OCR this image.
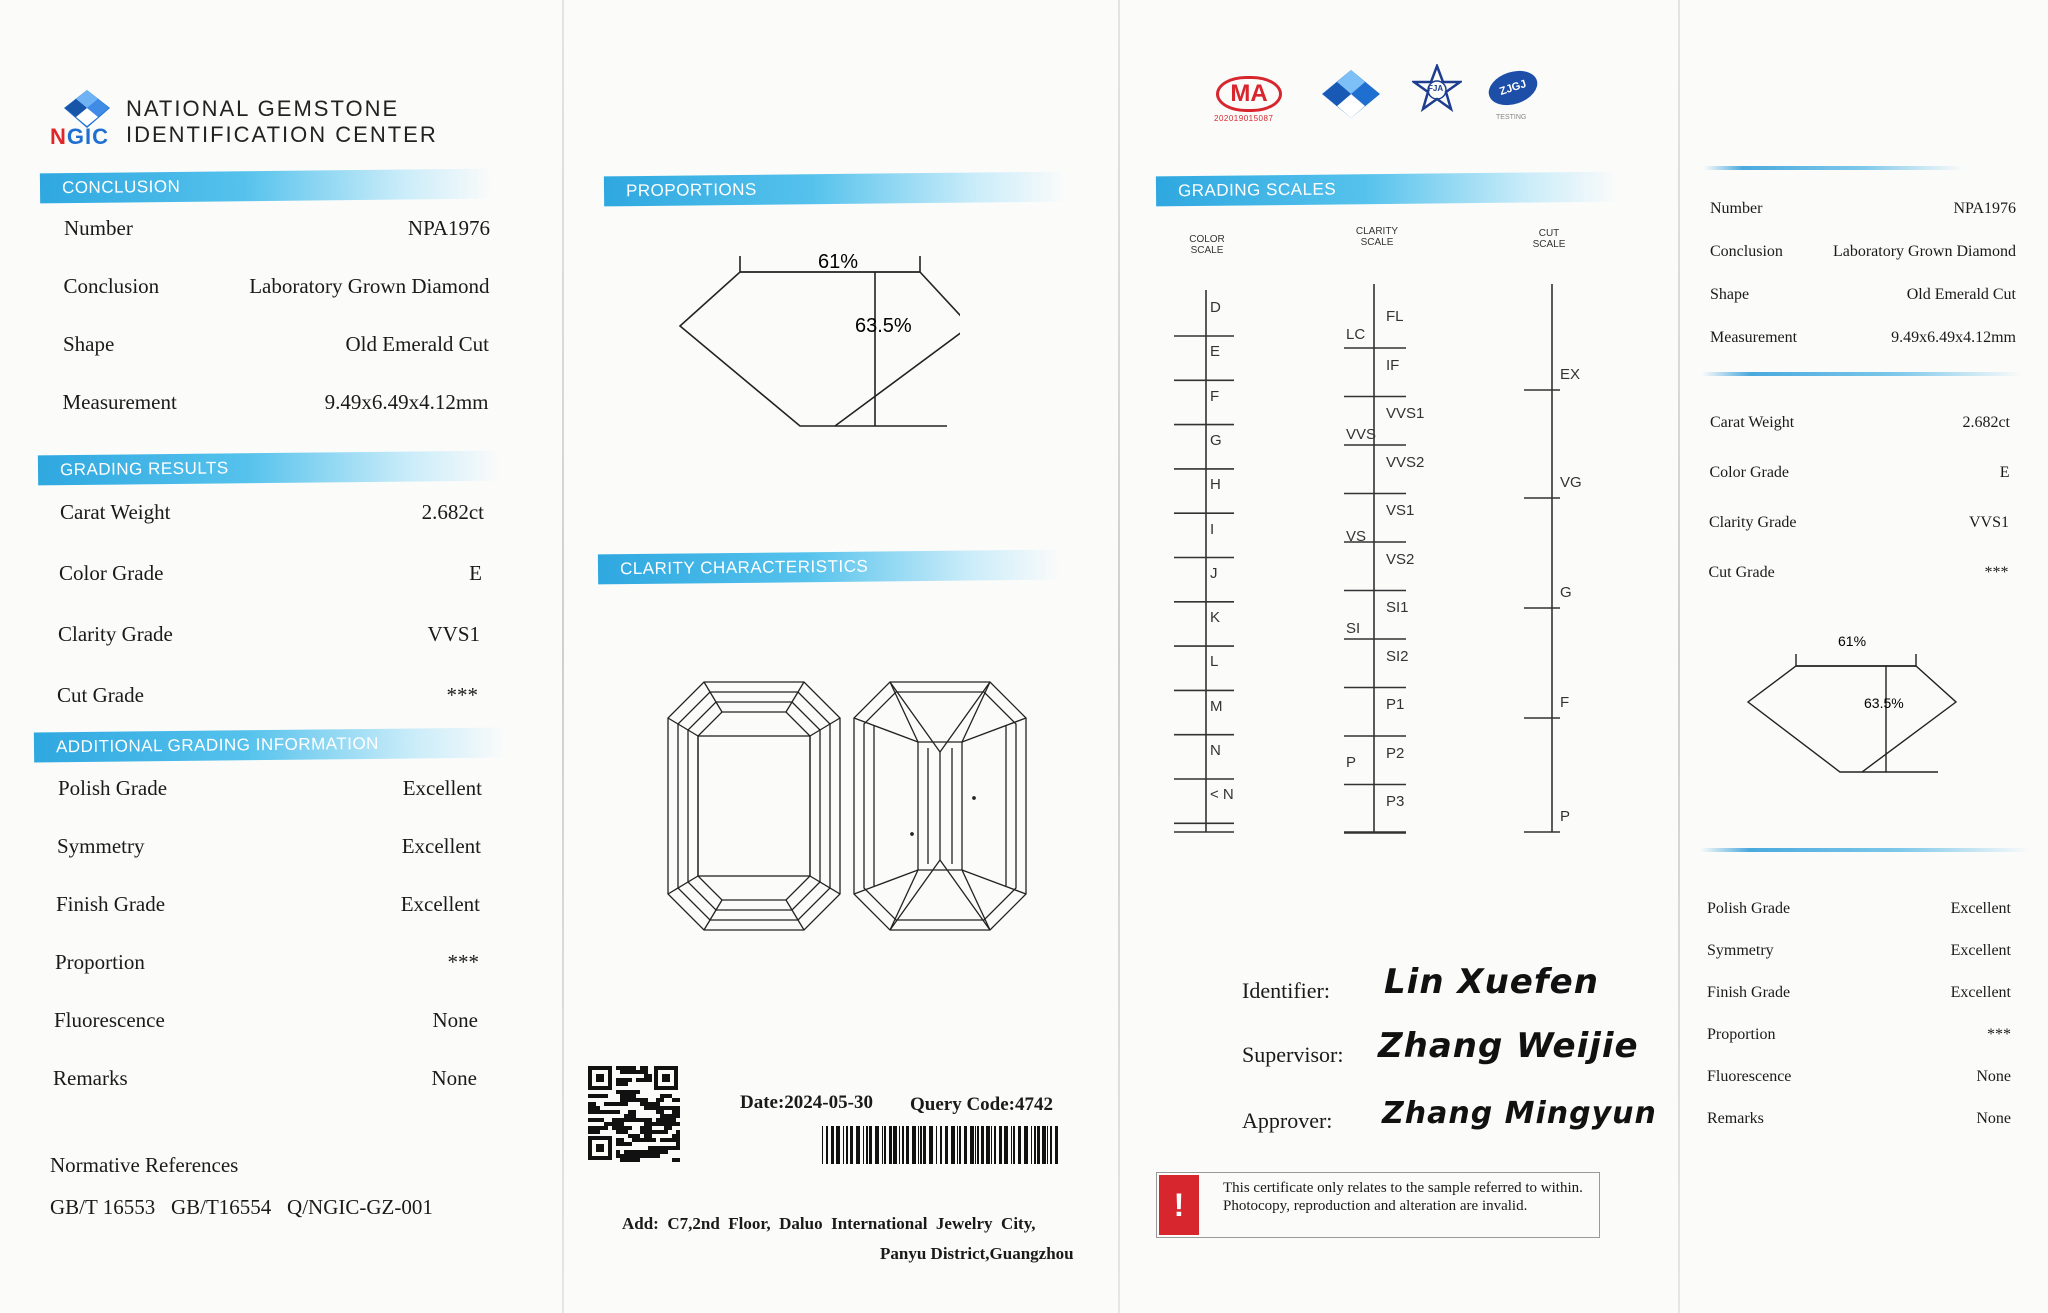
NGIC
NATIONAL GEMSTONE
IDENTIFICATION CENTER
CONCLUSION
Number	NPA1976
Conclusion	Laboratory Grown Diamond
Shape	Old Emerald Cut
Measurement	9.49x6.49x4.12mm
GRADING RESULTS
Carat Weight	2.682ct
Color Grade	E
Clarity Grade	VVS1
Cut Grade	***
ADDITIONAL GRADING INFORMATION
Polish Grade	Excellent
Symmetry	Excellent
Finish Grade	Excellent
Proportion	***
Fluorescence	None
Remarks	None
Normative References
GB/T 16553   GB/T16554   Q/NGIC-GZ-001
PROPORTIONS
61%
63.5%
CLARITY CHARACTERISTICS
Date:2024-05-30 Query Code:4742
Add:  C7,2nd  Floor,  Daluo  International  Jewelry  City,
Panyu District,Guangzhou
MA
202019015087
FJA	ZJGJ
TESTING
GRADING SCALES
COLOR
SCALE
CLARITY
SCALE
CUT
SCALE
D
E
F
G
H
I
J
K
L
M
N
< N
FL
IF
VVS1
VVS2
VS1
VS2
SI1
SI2
P1
P2
P3
LC
VVS
VS
SI
P
EX
VG
G
F
P
Identifier: Lin Xuefen
Supervisor: Zhang Weijie
Approver: Zhang Mingyun
!	This certificate only relates to the sample referred to within. Photocopy, reproduction and alteration are invalid.
Number	NPA1976
Conclusion	Laboratory Grown Diamond
Shape	Old Emerald Cut
Measurement	9.49x6.49x4.12mm
Carat Weight	2.682ct
Color Grade	E
Clarity Grade	VVS1
Cut Grade	***
61%
63.5%
Polish Grade	Excellent
Symmetry	Excellent
Finish Grade	Excellent
Proportion	***
Fluorescence	None
Remarks	None
